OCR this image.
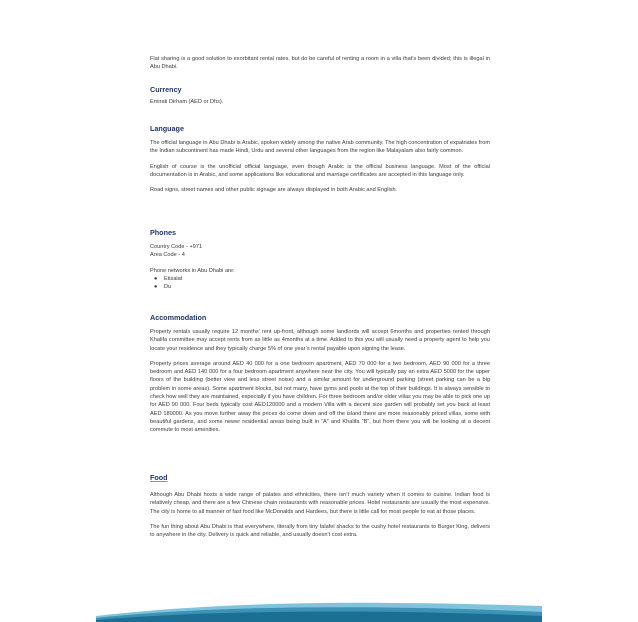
Flat sharing is a good solution to exorbitant rental rates, but do be careful of renting a room in a villa that’s been divided; this is illegal in Abu Dhabi.

Currency

Emirati Dirham (AED or Dhs).

Language

The official language in Abu Dhabi is Arabic, spoken widely among the native Arab community. The high concentration of expatriates from the Indian subcontinent has made Hindi, Urdu and several other languages from the region like Malayalam also fairly common.

English of course is the unofficial official language, even though Arabic is the official business language. Most of the official documentation is in Arabic, and some applications like educational and marriage certificates are accepted in this language only.

Road signs, street names and other public signage are always displayed in both Arabic and English.

Phones

Country Code - +971

Area Code - 4

Phone networks in Abu Dhabi are:

● Etisalat
● Du
Accommodation

Property rentals usually require 12 months’ rent up-front, although some landlords will accept 6months and properties rented through Khalifa committee may accept rents from as little as 4months at a time. Added to this you will usually need a property agent to help you locate your residence and they typically charge 5% of one year’s rental payable upon signing the lease.

Property prices average around AED 40 000 for a one bedroom apartment, AED 70 000 for a two bedroom, AED 90 000 for a three bedroom and AED 140 000 for a four bedroom apartment anywhere near the city. You will typically pay an extra AED 5000 for the upper floors of the building (better view and less street noise) and a similar amount for underground parking (street parking can be a big problem in some areas). Some apartment blocks, but not many, have gyms and pools at the top of their buildings. It is always sensible to check how well they are maintained, especially if you have children. For three bedroom and/or older villas you may be able to pick one up for AED 90 000. Four beds typically cost AED120000 and a modern Villa with a decent size garden will probably set you back at least AED 180000. As you move further away the prices do come down and off the island there are more reasonably priced villas, some with beautiful gardens, and some newer residential areas being built in “A” and Khalifa “B”, but from there you will be looking at a decent commute to most amenities.

Food

Although Abu Dhabi hosts a wide range of palates and ethnicities, there isn’t much variety when it comes to cuisine. Indian food is relatively cheap, and there are a few Chinese chain restaurants with reasonable prices. Hotel restaurants are usually the most expensive. The city is home to all manner of fast food like McDonalds and Hardees, but there is little call for most people to eat at those places.

The fun thing about Abu Dhabi is that everywhere, literally from tiny falafel shacks to the cushy hotel restaurants to Burger King, delivers to anywhere in the city. Delivery is quick and reliable, and usually doesn’t cost extra.
